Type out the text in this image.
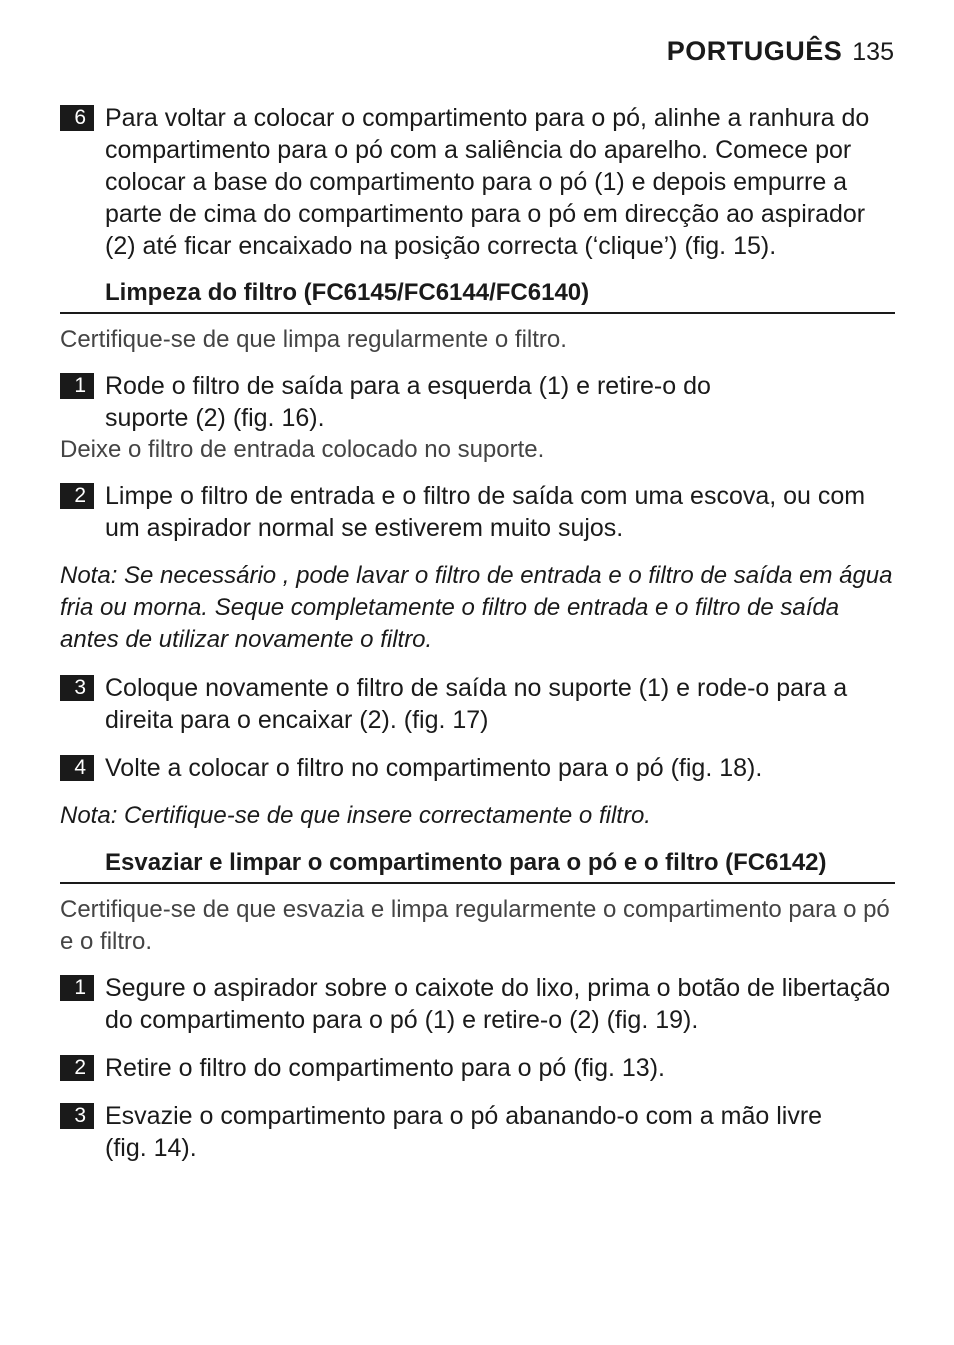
PORTUGUÊS 135
6 Para voltar a colocar o compartimento para o pó, alinhe a ranhura do compartimento para o pó com a saliência do aparelho. Comece por colocar a base do compartimento para o pó (1) e depois empurre a parte de cima do compartimento para o pó em direcção ao aspirador (2) até ficar encaixado na posição correcta (‘clique’) (fig. 15).
Limpeza do filtro (FC6145/FC6144/FC6140)
Certifique-se de que limpa regularmente o filtro.
1 Rode o filtro de saída para a esquerda (1) e retire-o do suporte (2) (fig. 16).
Deixe o filtro de entrada colocado no suporte.
2 Limpe o filtro de entrada e o filtro de saída com uma escova, ou com um aspirador normal se estiverem muito sujos.
Nota: Se necessário , pode lavar o filtro de entrada e o filtro de saída em água fria ou morna. Seque completamente o filtro de entrada e o filtro de saída antes de utilizar novamente o filtro.
3 Coloque novamente o filtro de saída no suporte (1) e rode-o para a direita para o encaixar (2). (fig. 17)
4 Volte a colocar o filtro no compartimento para o pó (fig. 18).
Nota: Certifique-se de que insere correctamente o filtro.
Esvaziar e limpar o compartimento para o pó e o filtro (FC6142)
Certifique-se de que esvazia e limpa regularmente o compartimento para o pó e o filtro.
1 Segure o aspirador sobre o caixote do lixo, prima o botão de libertação do compartimento para o pó (1) e retire-o (2) (fig. 19).
2 Retire o filtro do compartimento para o pó (fig. 13).
3 Esvazie o compartimento para o pó abanando-o com a mão livre (fig. 14).
